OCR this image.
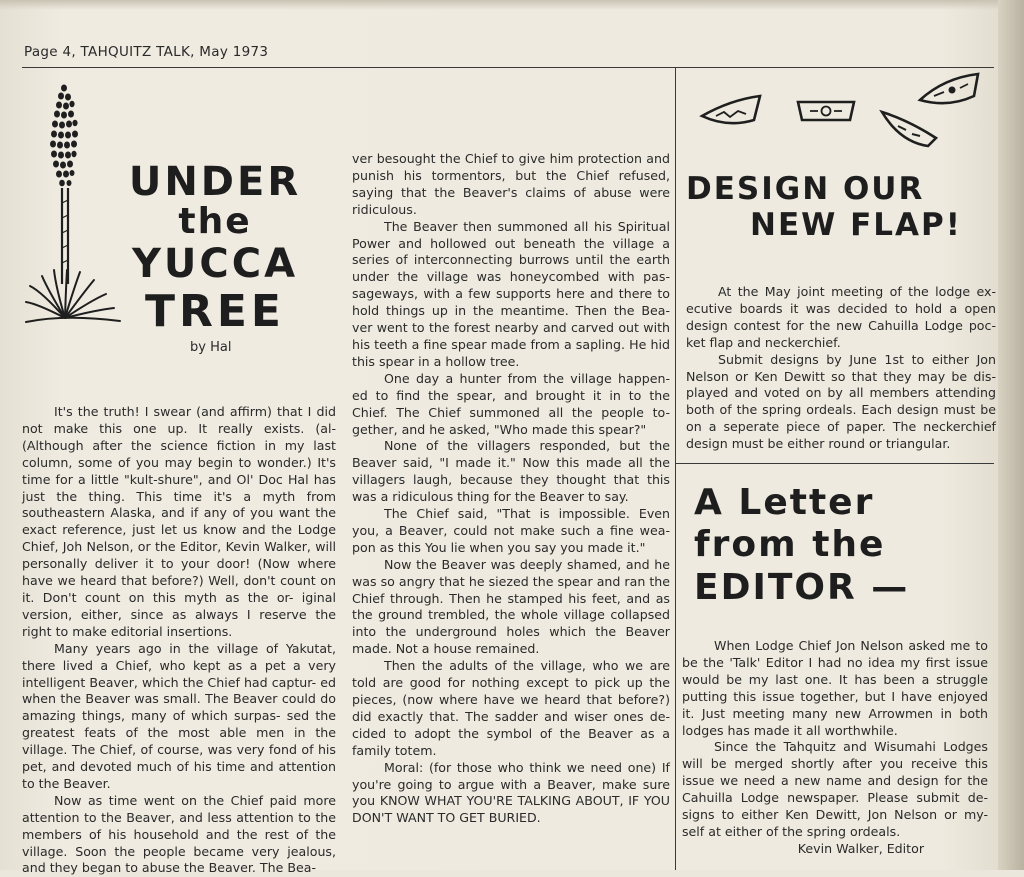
Page 4, TAHQUITZ TALK, May 1973
UNDER
the
YUCCA
TREE
by Hal

It's the truth! I swear (and affirm) that I did not make this one up. It really exists. (al- (Although after the science fiction in my last column, some of you may begin to wonder.) It's time for a little "kult-shure", and Ol' Doc Hal has just the thing. This time it's a myth from southeastern Alaska, and if any of you want the exact reference, just let us know and the Lodge Chief, Joh Nelson, or the Editor, Kevin Walker, will personally deliver it to your door! (Now where have we heard that before?) Well, don't count on it. Don't count on this myth as the or- iginal version, either, since as always I reserve the right to make editorial insertions.

Many years ago in the village of Yakutat, there lived a Chief, who kept as a pet a very intelligent Beaver, which the Chief had captur- ed when the Beaver was small. The Beaver could do amazing things, many of which surpas- sed the greatest feats of the most able men in the village. The Chief, of course, was very fond of his pet, and devoted much of his time and attention to the Beaver.

Now as time went on the Chief paid more attention to the Beaver, and less attention to the members of his household and the rest of the village. Soon the people became very jealous, and they began to abuse the Beaver. The Bea-

ver besought the Chief to give him protection and punish his tormentors, but the Chief refused, saying that the Beaver's claims of abuse were ridiculous.

The Beaver then summoned all his Spiritual Power and hollowed out beneath the village a series of interconnecting burrows until the earth under the village was honeycombed with pas- sageways, with a few supports here and there to hold things up in the meantime. Then the Bea- ver went to the forest nearby and carved out with his teeth a fine spear made from a sapling. He hid this spear in a hollow tree.

One day a hunter from the village happen- ed to find the spear, and brought it in to the Chief. The Chief summoned all the people to- gether, and he asked, "Who made this spear?"

None of the villagers responded, but the Beaver said, "I made it." Now this made all the villagers laugh, because they thought that this was a ridiculous thing for the Beaver to say.

The Chief said, "That is impossible. Even you, a Beaver, could not make such a fine wea- pon as this You lie when you say you made it."

Now the Beaver was deeply shamed, and he was so angry that he siezed the spear and ran the Chief through. Then he stamped his feet, and as the ground trembled, the whole village collapsed into the underground holes which the Beaver made. Not a house remained.

Then the adults of the village, who we are told are good for nothing except to pick up the pieces, (now where have we heard that before?) did exactly that. The sadder and wiser ones de- cided to adopt the symbol of the Beaver as a family totem.

Moral: (for those who think we need one) If you're going to argue with a Beaver, make sure you KNOW WHAT YOU'RE TALKING ABOUT, IF YOU DON'T WANT TO GET BURIED.

DESIGN OUR
NEW FLAP!

At the May joint meeting of the lodge ex- ecutive boards it was decided to hold a open design contest for the new Cahuilla Lodge poc- ket flap and neckerchief.

Submit designs by June 1st to either Jon Nelson or Ken Dewitt so that they may be dis- played and voted on by all members attending both of the spring ordeals. Each design must be on a seperate piece of paper. The neckerchief design must be either round or triangular.

A Letter
from the
EDITOR —

When Lodge Chief Jon Nelson asked me to be the 'Talk' Editor I had no idea my first issue would be my last one. It has been a struggle putting this issue together, but I have enjoyed it. Just meeting many new Arrowmen in both lodges has made it all worthwhile.

Since the Tahquitz and Wisumahi Lodges will be merged shortly after you receive this issue we need a new name and design for the Cahuilla Lodge newspaper. Please submit de- signs to either Ken Dewitt, Jon Nelson or my- self at either of the spring ordeals.

Kevin Walker, Editor
